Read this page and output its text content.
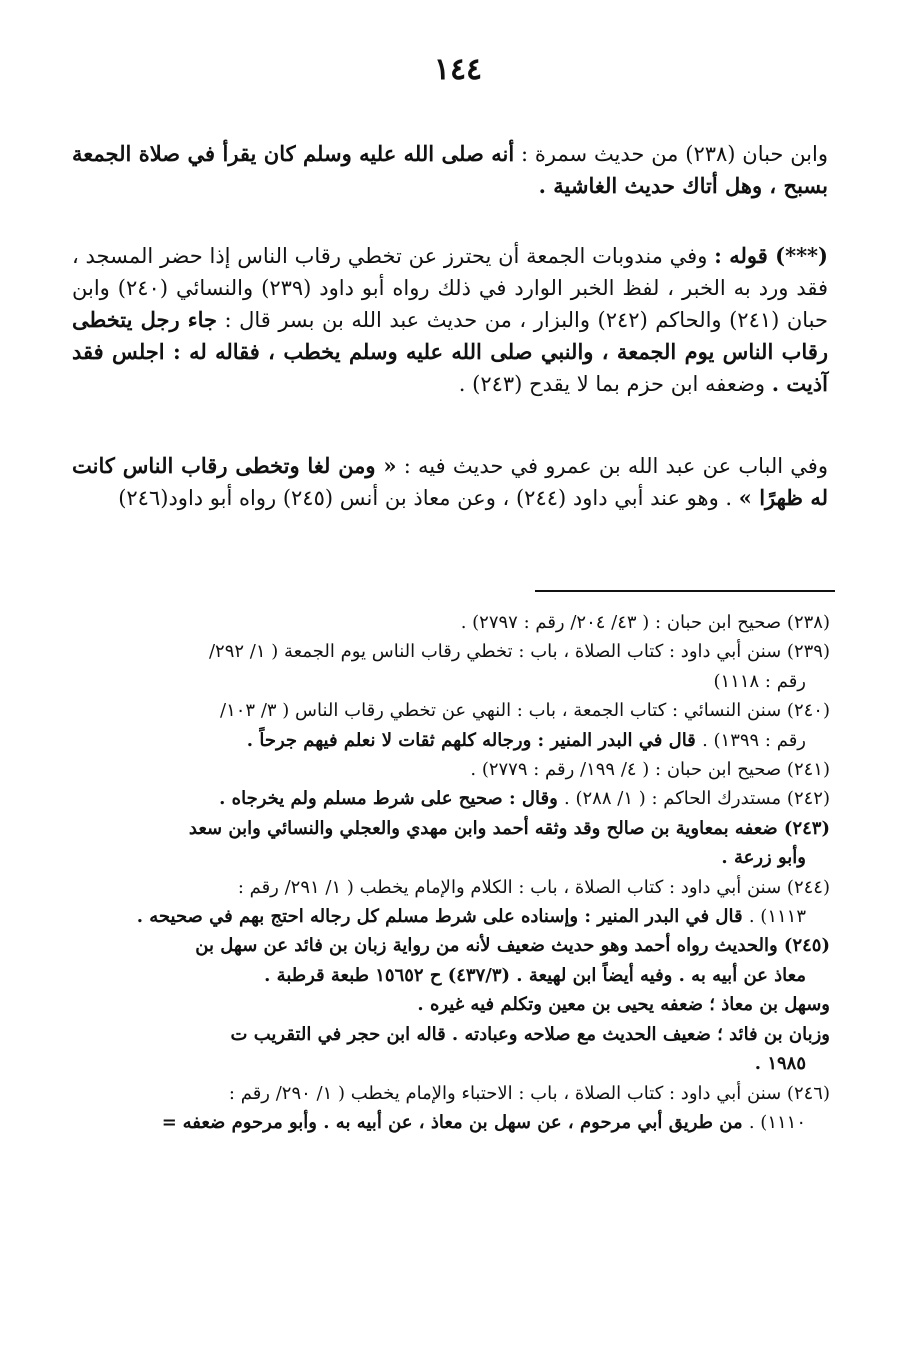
١٤٤
وابن حبان (٢٣٨) من حديث سمرة : أنه صلى الله عليه وسلم كان يقرأ في صلاة الجمعة بسبح ، وهل أتاك حديث الغاشية .
(***) قوله : وفي مندوبات الجمعة أن يحترز عن تخطي رقاب الناس إذا حضر المسجد ، فقد ورد به الخبر ، لفظ الخبر الوارد في ذلك رواه أبو داود (٢٣٩) والنسائي (٢٤٠) وابن حبان (٢٤١) والحاكم (٢٤٢) والبزار ، من حديث عبد الله بن بسر قال : جاء رجل يتخطى رقاب الناس يوم الجمعة ، والنبي صلى الله عليه وسلم يخطب ، فقاله له : اجلس فقد آذيت . وضعفه ابن حزم بما لا يقدح (٢٤٣) .
وفي الباب عن عبد الله بن عمرو في حديث فيه : « ومن لغا وتخطى رقاب الناس كانت له ظهرًا » . وهو عند أبي داود (٢٤٤) ، وعن معاذ بن أنس (٢٤٥) رواه أبو داود(٢٤٦)

(٢٣٨) صحيح ابن حبان : ( ٤٣/ ٢٠٤/ رقم : ٢٧٩٧) .

(٢٣٩) سنن أبي داود : كتاب الصلاة ، باب : تخطي رقاب الناس يوم الجمعة ( ١/ ٢٩٢/
رقم : ١١١٨)

(٢٤٠) سنن النسائي : كتاب الجمعة ، باب : النهي عن تخطي رقاب الناس ( ٣/ ١٠٣/
رقم : ١٣٩٩) . قال في البدر المنير : ورجاله كلهم ثقات لا نعلم فيهم جرحاً .

(٢٤١) صحيح ابن حبان : ( ٤/ ١٩٩/ رقم : ٢٧٧٩) .

(٢٤٢) مستدرك الحاكم : ( ١/ ٢٨٨) . وقال : صحيح على شرط مسلم ولم يخرجاه .

(٢٤٣) ضعفه بمعاوية بن صالح وقد وثقه أحمد وابن مهدي والعجلي والنسائي وابن سعد
وأبو زرعة .

(٢٤٤) سنن أبي داود : كتاب الصلاة ، باب : الكلام والإمام يخطب ( ١/ ٢٩١/ رقم :
١١١٣) . قال في البدر المنير : وإسناده على شرط مسلم كل رجاله احتج بهم في صحيحه .

(٢٤٥) والحديث رواه أحمد وهو حديث ضعيف لأنه من رواية زبان بن فائد عن سهل بن
معاذ عن أبيه به . وفيه أيضاً ابن لهيعة . (٤٣٧/٣) ح ١٥٦٥٢ طبعة قرطبة .

وسهل بن معاذ ؛ ضعفه يحيى بن معين وتكلم فيه غيره .

وزبان بن فائد ؛ ضعيف الحديث مع صلاحه وعبادته . قاله ابن حجر في التقريب ت
١٩٨٥ .

(٢٤٦) سنن أبي داود : كتاب الصلاة ، باب : الاحتباء والإمام يخطب ( ١/ ٢٩٠/ رقم :
١١١٠) . من طريق أبي مرحوم ، عن سهل بن معاذ ، عن أبيه به . وأبو مرحوم ضعفه =
